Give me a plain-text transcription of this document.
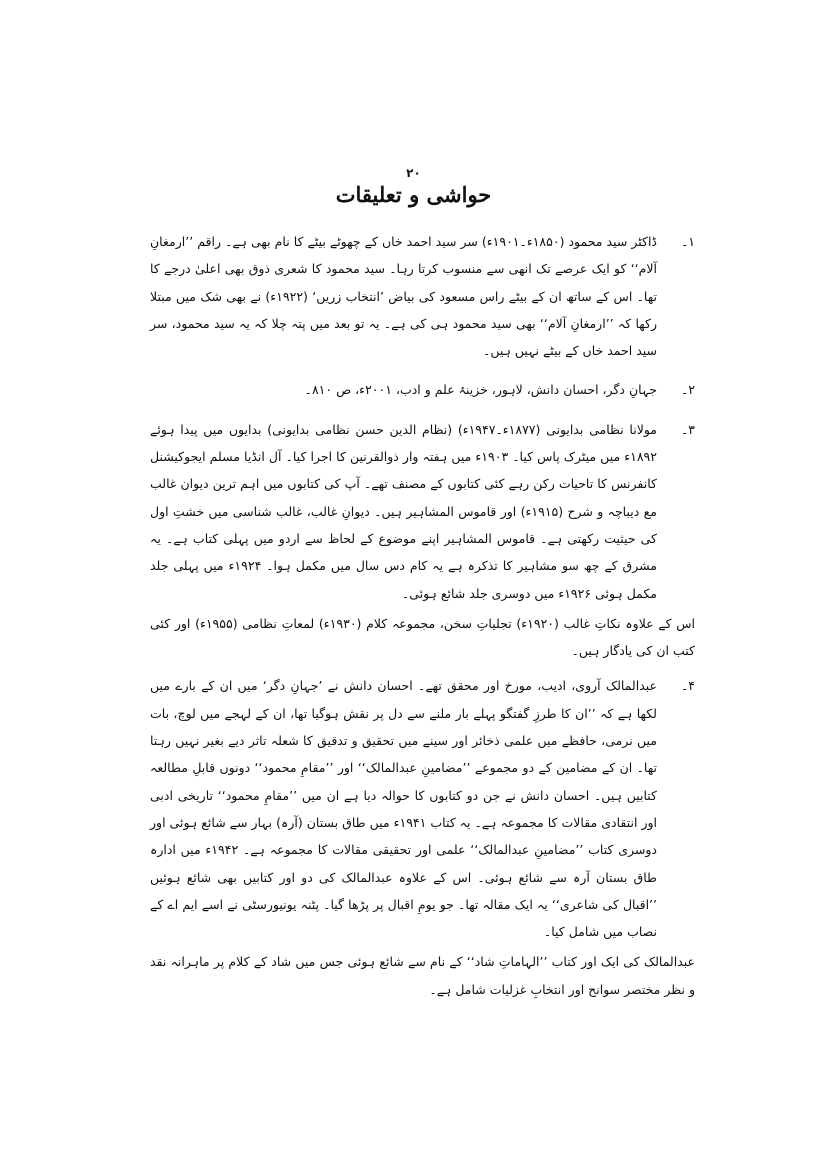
۲۰
حواشی و تعلیقات
۱۔
ڈاکٹر سید محمود (۱۸۵۰ء۔۱۹۰۱ء) سر سید احمد خاں کے چھوٹے بیٹے کا نام بھی ہے۔ راقم ’’ارمغانِ آلام‘‘ کو ایک عرصے تک انھی سے منسوب کرتا رہا۔ سید محمود کا شعری ذوق بھی اعلیٰ درجے کا تھا۔ اس کے ساتھ ان کے بیٹے راس مسعود کی بیاض ’انتخاب زریں‘ (۱۹۲۲ء) نے بھی شک میں مبتلا رکھا کہ ’’ارمغانِ آلام‘‘ بھی سید محمود ہی کی ہے۔ یہ تو بعد میں پتہ چلا کہ یہ سید محمود، سر سید احمد خاں کے بیٹے نہیں ہیں۔
۲۔
جہانِ دگر، احسان دانش، لاہور، خزینۂ علم و ادب، ۲۰۰۱ء، ص ۸۱۰۔
۳۔
مولانا نظامی بدایونی (۱۸۷۷ء۔۱۹۴۷ء) (نظام الدین حسن نظامی بدایونی) بدایوں میں پیدا ہوئے ۱۸۹۲ء میں میٹرک پاس کیا۔ ۱۹۰۳ء میں ہفتہ وار ذوالقرنین کا اجرا کیا۔ آل انڈیا مسلم ایجوکیشنل کانفرنس کا تاحیات رکن رہے کئی کتابوں کے مصنف تھے۔ آپ کی کتابوں میں اہم ترین دیوان غالب مع دیباچہ و شرح (۱۹۱۵ء) اور قاموس المشاہیر ہیں۔ دیوانِ غالب، غالب شناسی میں خشتِ اول کی حیثیت رکھتی ہے۔ قاموس المشاہیر اپنے موضوع کے لحاظ سے اردو میں پہلی کتاب ہے۔ یہ مشرق کے چھ سو مشاہیر کا تذکرہ ہے یہ کام دس سال میں مکمل ہوا۔ ۱۹۲۴ء میں پہلی جلد مکمل ہوئی ۱۹۲۶ء میں دوسری جلد شائع ہوئی۔
اس کے علاوہ نکاتِ غالب (۱۹۲۰ء) تجلیاتِ سخن، مجموعہ کلام (۱۹۳۰ء) لمعاتِ نظامی (۱۹۵۵ء) اور کئی کتب ان کی یادگار ہیں۔
۴۔
عبدالمالک آروی، ادیب، مورخ اور محقق تھے۔ احسان دانش نے ’جہانِ دگر‘ میں ان کے بارے میں لکھا ہے کہ ’’ان کا طرزِ گفتگو پہلے بار ملنے سے دل پر نقش ہوگیا تھا، ان کے لہجے میں لوچ، بات میں نرمی، حافظے میں علمی ذخائر اور سینے میں تحقیق و تدقیق کا شعلہ تاثر دیے بغیر نہیں رہتا تھا۔ ان کے مضامین کے دو مجموعے ’’مضامینِ عبدالمالک‘‘ اور ’’مقامِ محمود‘‘ دونوں قابلِ مطالعہ کتابیں ہیں۔ احسان دانش نے جن دو کتابوں کا حوالہ دیا ہے ان میں ’’مقامِ محمود‘‘ تاریخی ادبی اور انتقادی مقالات کا مجموعہ ہے۔ یہ کتاب ۱۹۴۱ء میں طاق بستان (آرہ) بہار سے شائع ہوئی اور دوسری کتاب ’’مضامینِ عبدالمالک‘‘ علمی اور تحقیقی مقالات کا مجموعہ ہے۔ ۱۹۴۲ء میں ادارہ طاق بستان آرہ سے شائع ہوئی۔ اس کے علاوہ عبدالمالک کی دو اور کتابیں بھی شائع ہوئیں ’’اقبال کی شاعری‘‘ یہ ایک مقالہ تھا۔ جو یومِ اقبال پر پڑھا گیا۔ پٹنہ یونیورسٹی نے اسے ایم اے کے نصاب میں شامل کیا۔
عبدالمالک کی ایک اور کتاب ’’الہاماتِ شاد‘‘ کے نام سے شائع ہوئی جس میں شاد کے کلام پر ماہرانہ نقد و نظر مختصر سوانح اور انتخابِ غزلیات شامل ہے۔
